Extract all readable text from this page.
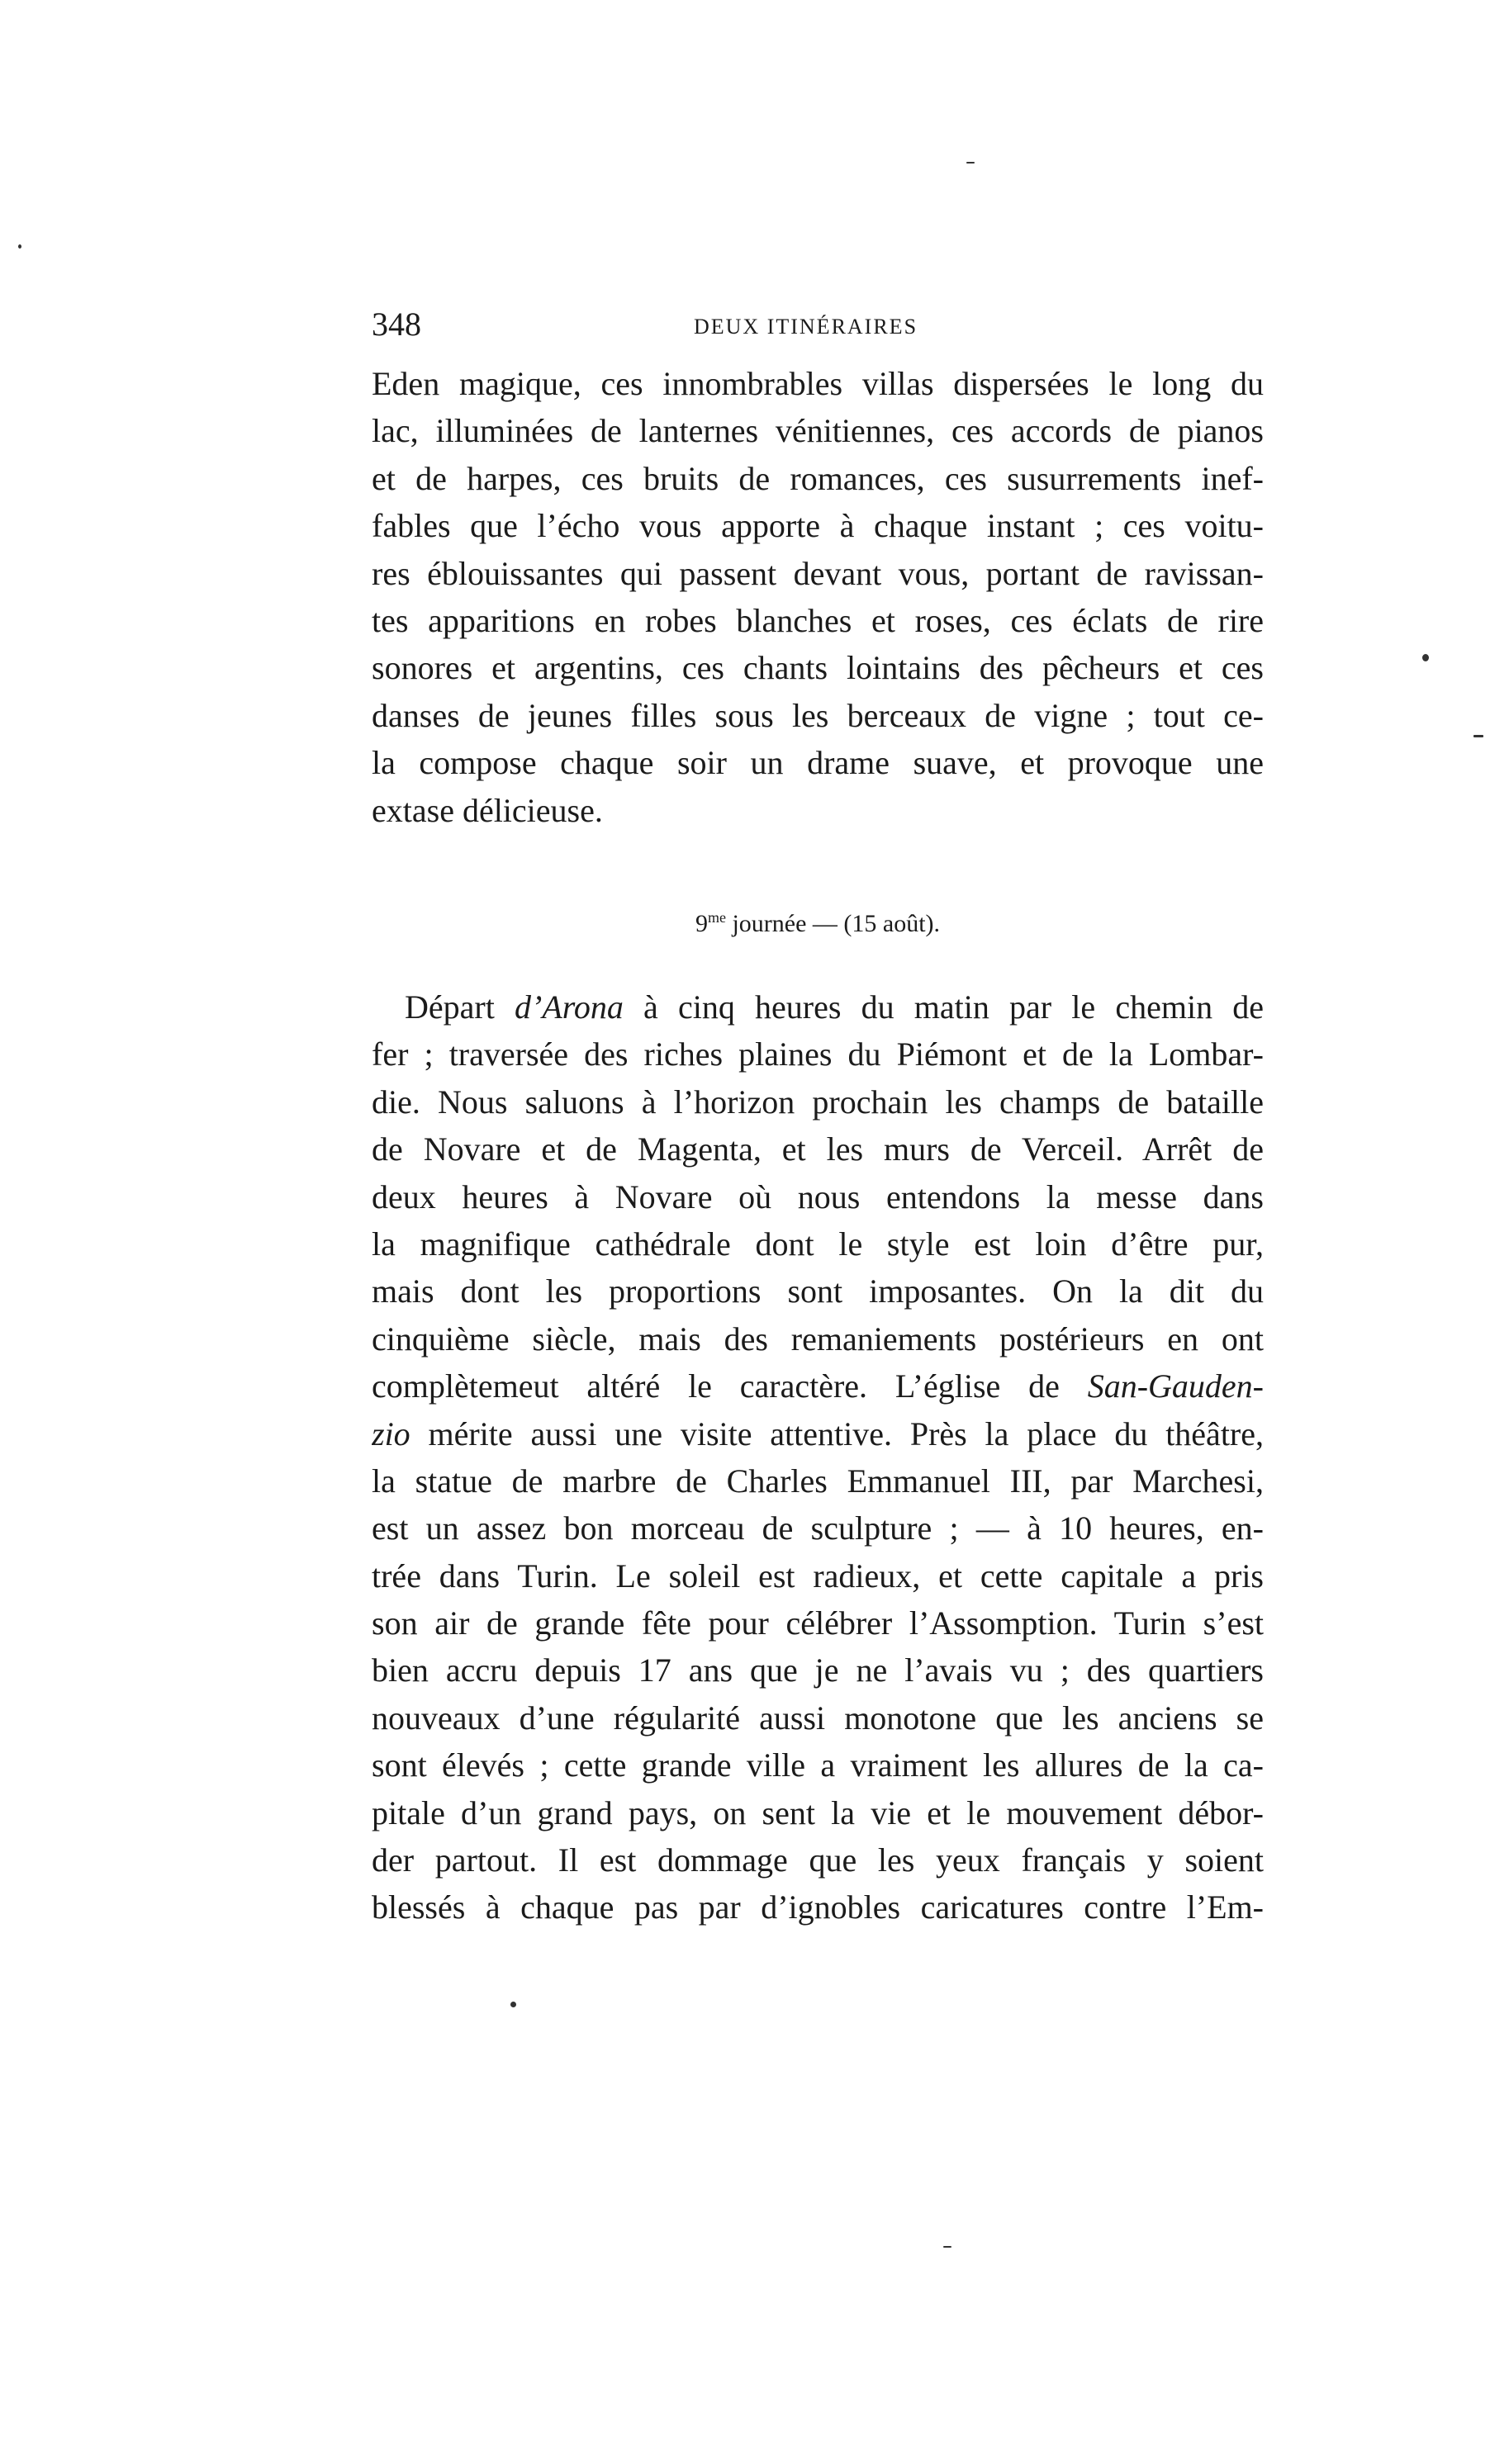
348	DEUX ITINÉRAIRES
Eden magique, ces innombrables villas dispersées le long du
lac, illuminées de lanternes vénitiennes, ces accords de pianos
et de harpes, ces bruits de romances, ces susurrements inef-
fables que l’écho vous apporte à chaque instant ; ces voitu-
res éblouissantes qui passent devant vous, portant de ravissan-
tes apparitions en robes blanches et roses, ces éclats de rire
sonores et argentins, ces chants lointains des pêcheurs et ces
danses de jeunes filles sous les berceaux de vigne ; tout ce-
la compose chaque soir un drame suave, et provoque une
extase délicieuse.
$9^{me}$ journée — (15 août).
Départ d’Arona à cinq heures du matin par le chemin de
fer ; traversée des riches plaines du Piémont et de la Lombar-
die. Nous saluons à l’horizon prochain les champs de bataille
de Novare et de Magenta, et les murs de Verceil. Arrêt de
deux heures à Novare où nous entendons la messe dans
la magnifique cathédrale dont le style est loin d’être pur,
mais dont les proportions sont imposantes. On la dit du
cinquième siècle, mais des remaniements postérieurs en ont
complètemeut altéré le caractère. L’église de San-Gauden-
zio mérite aussi une visite attentive. Près la place du théâtre,
la statue de marbre de Charles Emmanuel III, par Marchesi,
est un assez bon morceau de sculpture ; — à 10 heures, en-
trée dans Turin. Le soleil est radieux, et cette capitale a pris
son air de grande fête pour célébrer l’Assomption. Turin s’est
bien accru depuis 17 ans que je ne l’avais vu ; des quartiers
nouveaux d’une régularité aussi monotone que les anciens se
sont élevés ; cette grande ville a vraiment les allures de la ca-
pitale d’un grand pays, on sent la vie et le mouvement débor-
der partout. Il est dommage que les yeux français y soient
blessés à chaque pas par d’ignobles caricatures contre l’Em-
